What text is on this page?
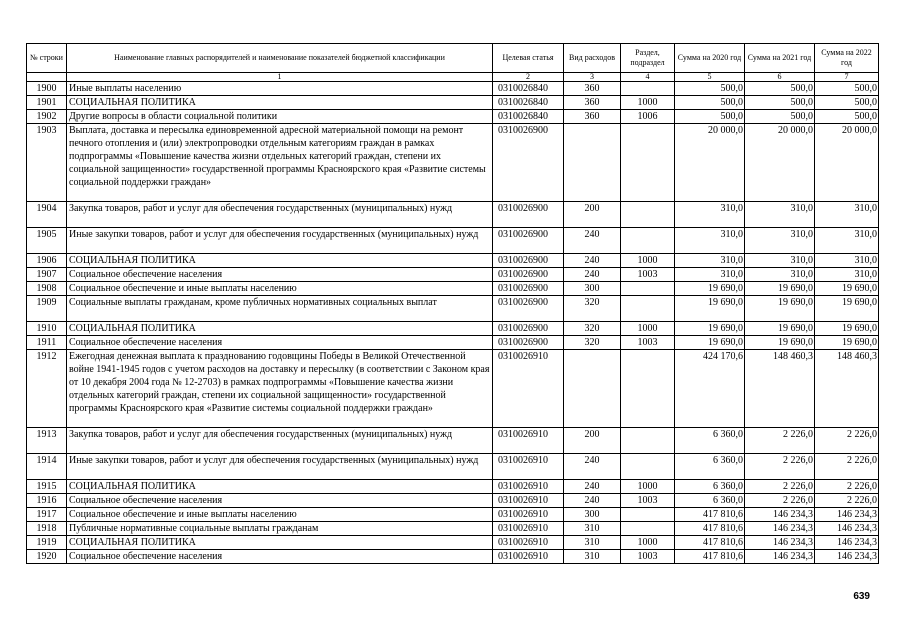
№ строки	Наименование главных распорядителей и наименование показателей бюджетной классификации	Целевая статья	Вид расходов	Раздел, подраздел	Сумма на 2020 год	Сумма на 2021 год	Сумма на 2022 год
	1	2	3	4	5	6	7
1900	Иные выплаты населению	0310026840	360		500,0	500,0	500,0
1901	СОЦИАЛЬНАЯ ПОЛИТИКА	0310026840	360	1000	500,0	500,0	500,0
1902	Другие вопросы в области социальной политики	0310026840	360	1006	500,0	500,0	500,0
1903	Выплата, доставка и пересылка единовременной адресной материальной помощи на ремонт печного отопления и (или) электропроводки отдельным категориям граждан в рамках подпрограммы «Повышение качества жизни отдельных категорий граждан, степени их социальной защищенности» государственной программы Красноярского края «Развитие системы социальной поддержки граждан»	0310026900			20 000,0	20 000,0	20 000,0
1904	Закупка товаров, работ и услуг для обеспечения государственных (муниципальных) нужд	0310026900	200		310,0	310,0	310,0
1905	Иные закупки товаров, работ и услуг для обеспечения государственных (муниципальных) нужд	0310026900	240		310,0	310,0	310,0
1906	СОЦИАЛЬНАЯ ПОЛИТИКА	0310026900	240	1000	310,0	310,0	310,0
1907	Социальное обеспечение населения	0310026900	240	1003	310,0	310,0	310,0
1908	Социальное обеспечение и иные выплаты населению	0310026900	300		19 690,0	19 690,0	19 690,0
1909	Социальные выплаты гражданам, кроме публичных нормативных социальных выплат	0310026900	320		19 690,0	19 690,0	19 690,0
1910	СОЦИАЛЬНАЯ ПОЛИТИКА	0310026900	320	1000	19 690,0	19 690,0	19 690,0
1911	Социальное обеспечение населения	0310026900	320	1003	19 690,0	19 690,0	19 690,0
1912	Ежегодная денежная выплата к празднованию годовщины Победы в Великой Отечественной войне 1941-1945 годов с учетом расходов на доставку и пересылку (в соответствии с Законом края от 10 декабря 2004 года № 12-2703) в рамках подпрограммы «Повышение качества жизни отдельных категорий граждан, степени их социальной защищенности» государственной программы Красноярского края «Развитие системы социальной поддержки граждан»	0310026910			424 170,6	148 460,3	148 460,3
1913	Закупка товаров, работ и услуг для обеспечения государственных (муниципальных) нужд	0310026910	200		6 360,0	2 226,0	2 226,0
1914	Иные закупки товаров, работ и услуг для обеспечения государственных (муниципальных) нужд	0310026910	240		6 360,0	2 226,0	2 226,0
1915	СОЦИАЛЬНАЯ ПОЛИТИКА	0310026910	240	1000	6 360,0	2 226,0	2 226,0
1916	Социальное обеспечение населения	0310026910	240	1003	6 360,0	2 226,0	2 226,0
1917	Социальное обеспечение и иные выплаты населению	0310026910	300		417 810,6	146 234,3	146 234,3
1918	Публичные нормативные социальные выплаты гражданам	0310026910	310		417 810,6	146 234,3	146 234,3
1919	СОЦИАЛЬНАЯ ПОЛИТИКА	0310026910	310	1000	417 810,6	146 234,3	146 234,3
1920	Социальное обеспечение населения	0310026910	310	1003	417 810,6	146 234,3	146 234,3
639
